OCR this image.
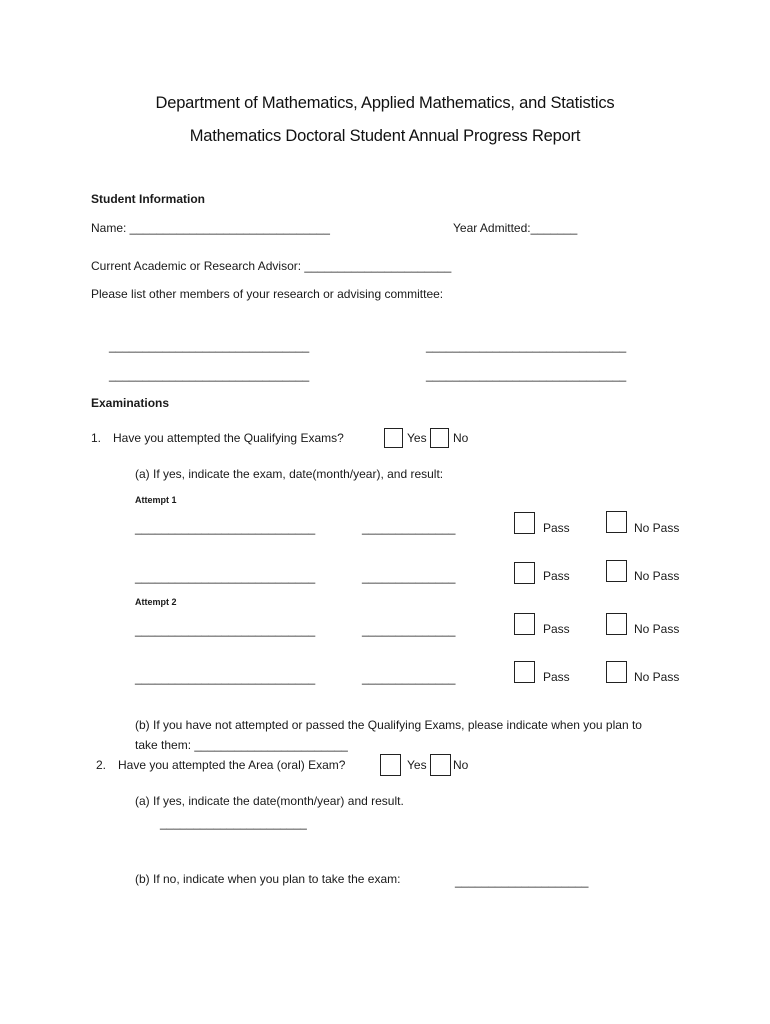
Department of Mathematics, Applied Mathematics, and Statistics
Mathematics Doctoral Student Annual Progress Report
Student Information
Name: ______________________________	Year Admitted:_______
Current Academic or Research Advisor: ______________________
Please list other members of your research or advising committee:
______________________________	______________________________
______________________________	______________________________
Examinations
1. Have you attempted the Qualifying Exams?	Yes No
(a) If yes, indicate the exam, date(month/year), and result:
Attempt 1
___________________________	______________	Pass	No Pass
___________________________	______________	Pass	No Pass
Attempt 2
___________________________	______________	Pass	No Pass
___________________________	______________	Pass	No Pass
(b) If you have not attempted or passed the Qualifying Exams, please indicate when you plan to
take them: _______________________
2. Have you attempted the Area (oral) Exam?	Yes No
(a) If yes, indicate the date(month/year) and result.
______________________
(b) If no, indicate when you plan to take the exam:	____________________
